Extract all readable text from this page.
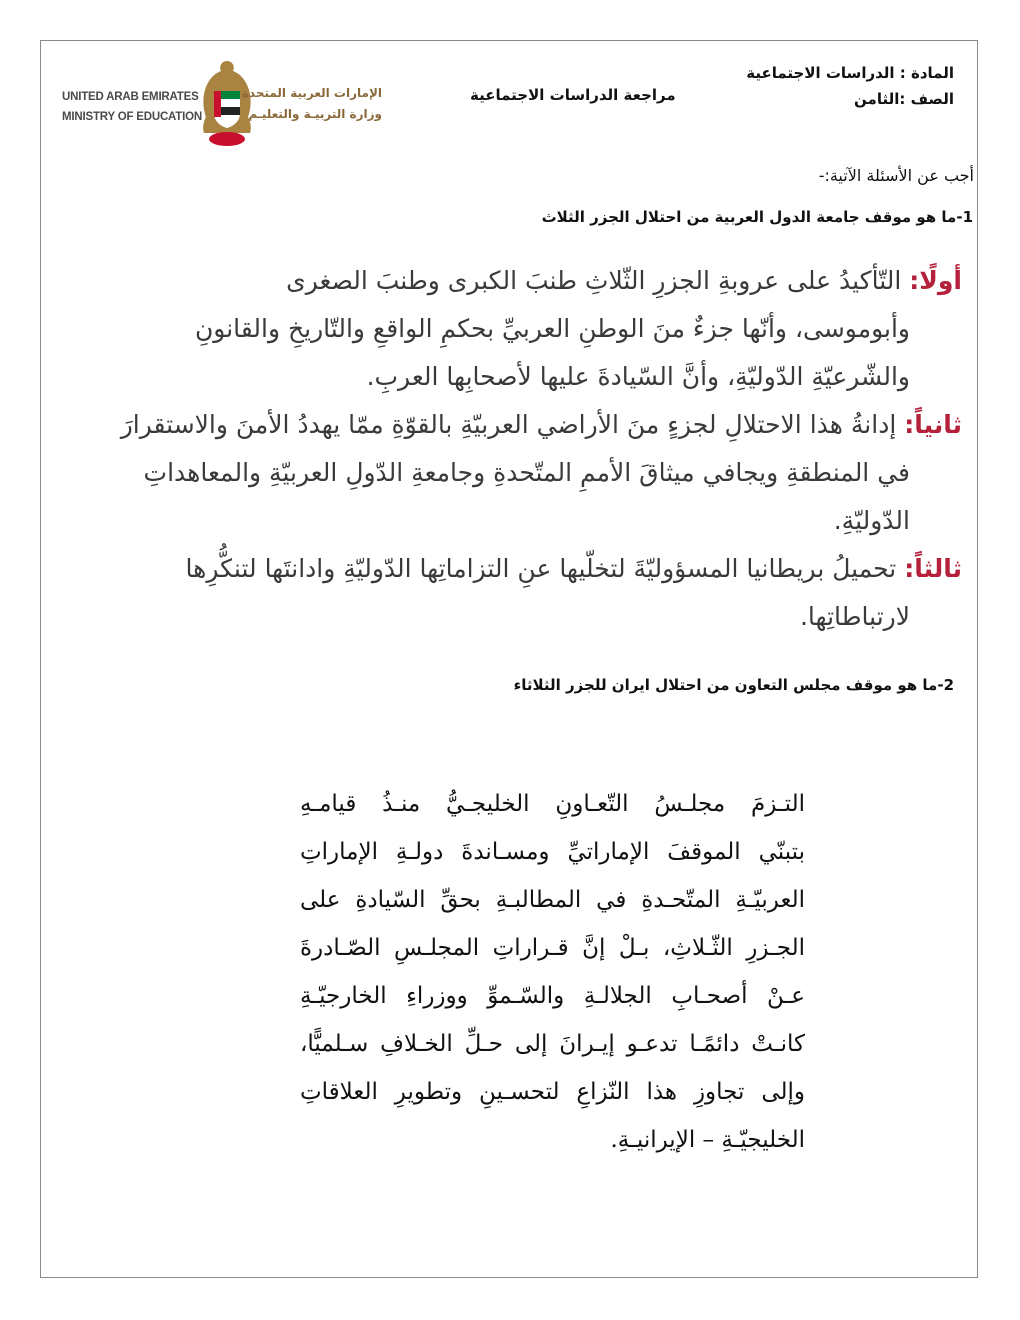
UNITED ARAB EMIRATES
MINISTRY OF EDUCATION
الإمارات العربية المتحدة
وزارة التربيـة والتعليـم
مراجعة الدراسات الاجتماعية
المادة : الدراسات الاجتماعية
الصف :الثامن
أجب عن الأسئلة الآتية:-
1-ما هو موقف جامعة الدول العربية من احتلال الجزر الثلاث
أولًا: التّأكيدُ على عروبةِ الجزرِ الثّلاثِ طنبَ الكبرى وطنبَ الصغرى
وأبوموسى، وأنّها جزءٌ منَ الوطنِ العربيِّ بحكمِ الواقعِ والتّاريخِ والقانونِ
والشّرعيّةِ الدّوليّةِ، وأنَّ السّيادةَ عليها لأصحابِها العربِ.
ثانياً: إدانةُ هذا الاحتلالِ لجزءٍ منَ الأراضي العربيّةِ بالقوّةِ ممّا يهددُ الأمنَ والاستقرارَ
في المنطقةِ ويجافي ميثاقَ الأممِ المتّحدةِ وجامعةِ الدّولِ العربيّةِ والمعاهداتِ
الدّوليّةِ.
ثالثاً: تحميلُ بريطانيا المسؤوليّةَ لتخلّيها عنِ التزاماتِها الدّوليّةِ وادانتَها لتنكُّرِها
لارتباطاتِها.
2-ما هو موقف مجلس التعاون من احتلال ايران للجزر الثلاثاء
التـزمَ مجلـسُ التّعـاونِ الخليجـيُّ منـذُ قيامـهِ
بتبنّي الموقفَ الإماراتيِّ ومسـاندةَ دولـةِ الإماراتِ
العربيّـةِ المتّحـدةِ في المطالبـةِ بحقِّ السّيادةِ على
الجـزرِ الثّـلاثِ، بـلْ إنَّ قـراراتِ المجلـسِ الصّـادرةَ
عـنْ أصحـابِ الجلالـةِ والسّـموِّ ووزراءِ الخارجيّـةِ
كانـتْ دائمًـا تدعـو إيـرانَ إلى حـلِّ الخـلافِ سـلميًّا،
وإلى تجاوزِ هذا النّزاعِ لتحسـينِ وتطويرِ العلاقاتِ
الخليجيّـةِ – الإيرانيـةِ.
